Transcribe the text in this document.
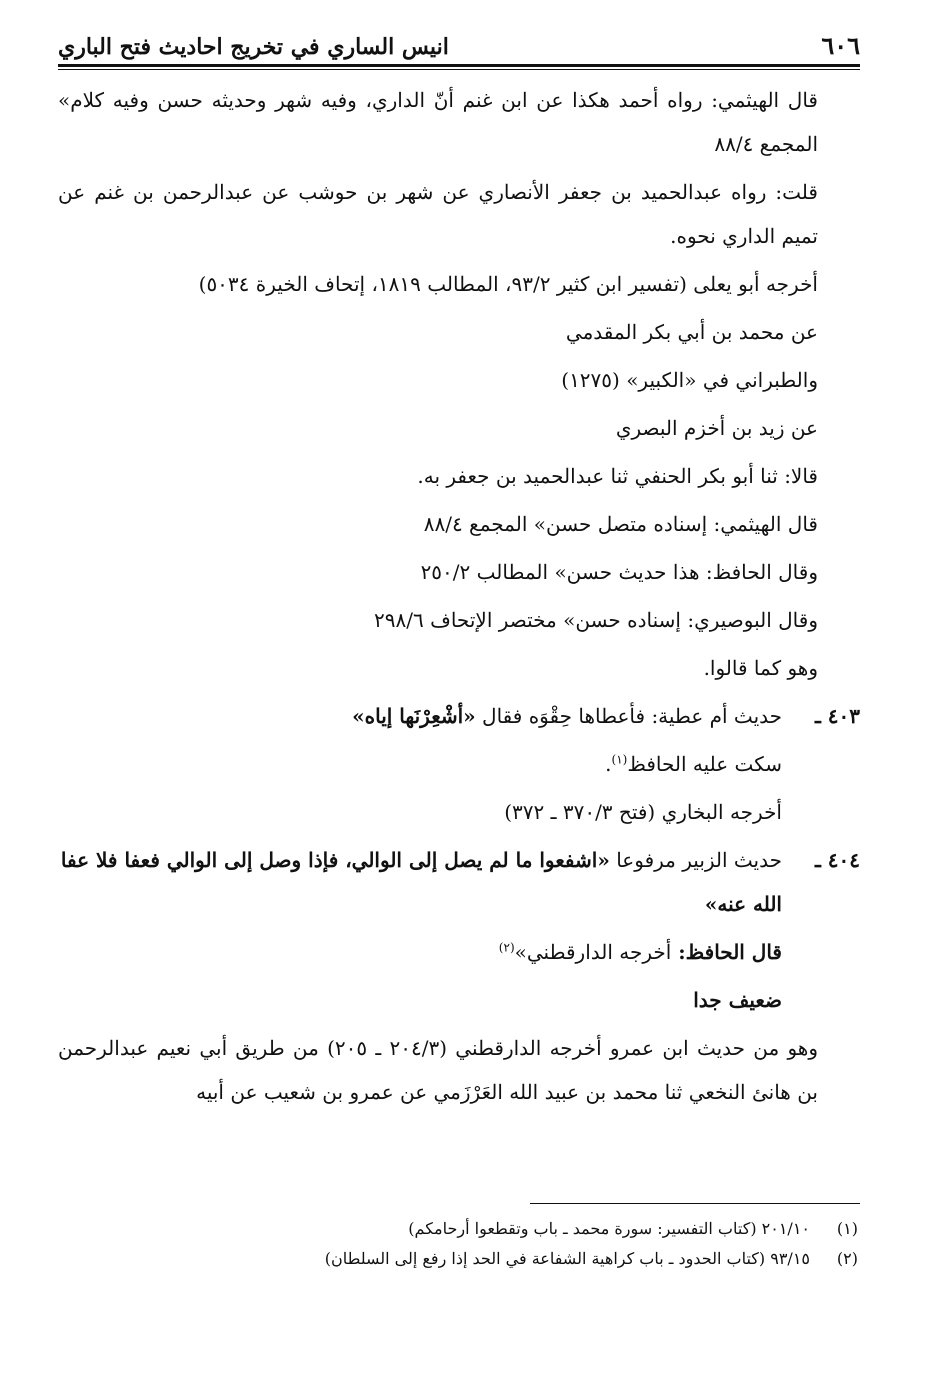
٦٠٦
انيس الساري في تخريج احاديث فتح الباري

قال الهيثمي: رواه أحمد هكذا عن ابن غنم أنّ الداري، وفيه شهر وحديثه حسن وفيه كلام» المجمع ٨٨/٤

قلت: رواه عبدالحميد بن جعفر الأنصاري عن شهر بن حوشب عن عبدالرحمن بن غنم عن تميم الداري نحوه.

أخرجه أبو يعلى (تفسير ابن كثير ٩٣/٢، المطالب ١٨١٩، إتحاف الخيرة ٥٠٣٤)

عن محمد بن أبي بكر المقدمي

والطبراني في «الكبير» (١٢٧٥)

عن زيد بن أخزم البصري

قالا: ثنا أبو بكر الحنفي ثنا عبدالحميد بن جعفر به.

قال الهيثمي: إسناده متصل حسن» المجمع ٨٨/٤

وقال الحافظ: هذا حديث حسن» المطالب ٢٥٠/٢

وقال البوصيري: إسناده حسن» مختصر الإتحاف ٢٩٨/٦

وهو كما قالوا.

٤٠٣ ـ
حديث أم عطية: فأعطاها حِقْوَه فقال «أشْعِرْنَها إياه»
سكت عليه الحافظ$^{(١)}$.
أخرجه البخاري (فتح ٣٧٠/٣ ـ ٣٧٢)
٤٠٤ ـ
حديث الزبير مرفوعا «اشفعوا ما لم يصل إلى الوالي، فإذا وصل إلى الوالي فعفا فلا عفا الله عنه»
قال الحافظ: أخرجه الدارقطني»$^{(٢)}$
ضعيف جدا

وهو من حديث ابن عمرو أخرجه الدارقطني (٢٠٤/٣ ـ ٢٠٥) من طريق أبي نعيم عبدالرحمن بن هانئ النخعي ثنا محمد بن عبيد الله العَرْزَمي عن عمرو بن شعيب عن أبيه

(١)
٢٠١/١٠ (كتاب التفسير: سورة محمد ـ باب وتقطعوا أرحامكم)
(٢)
٩٣/١٥ (كتاب الحدود ـ باب كراهية الشفاعة في الحد إذا رفع إلى السلطان)
